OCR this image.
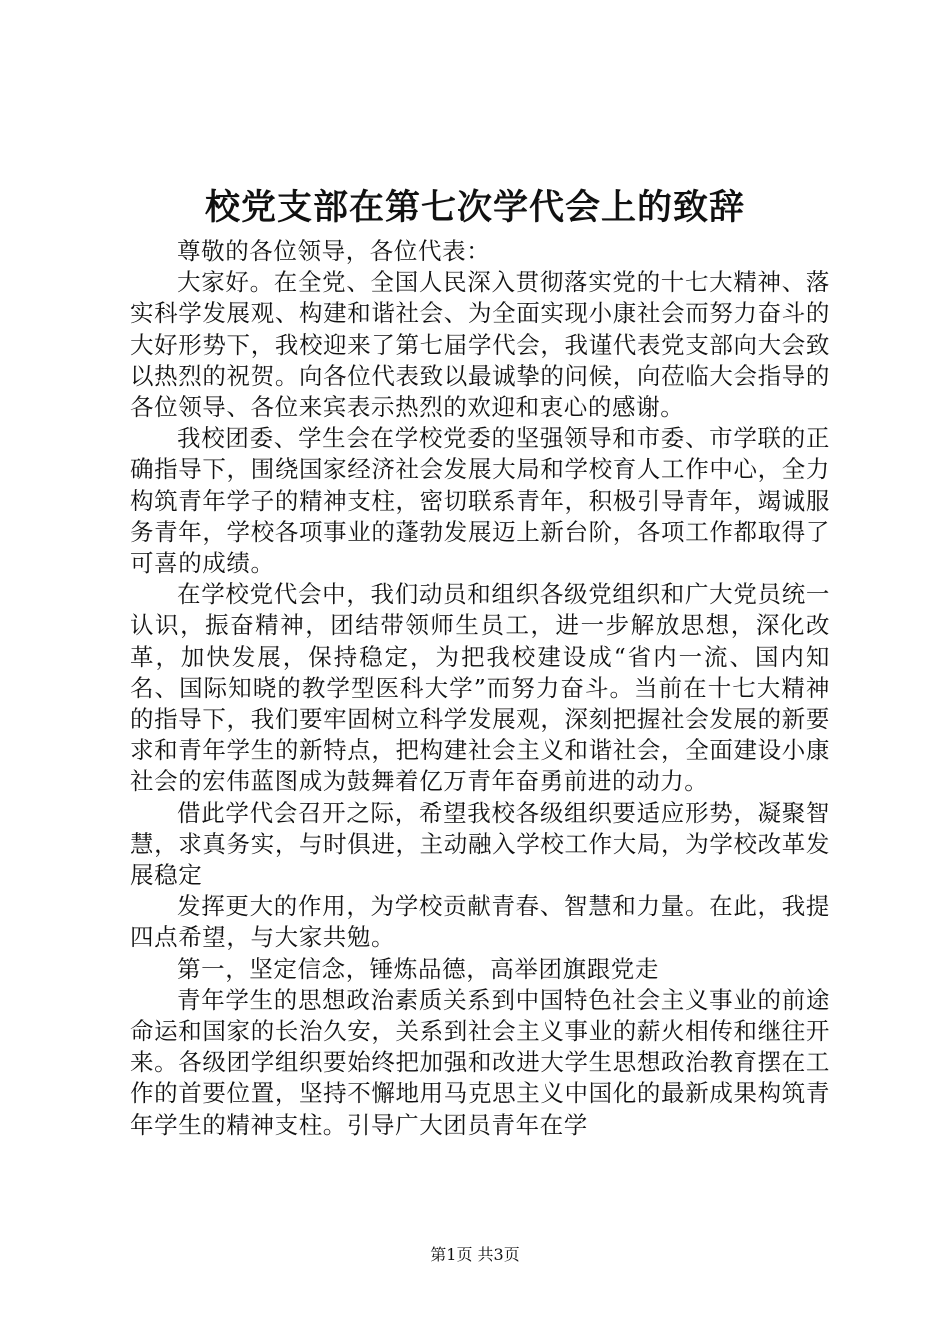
校党支部在第七次学代会上的致辞

尊敬的各位领导，各位代表：

大家好。在全党、全国人民深入贯彻落实党的十七大精神、落实科学发展观、构建和谐社会、为全面实现小康社会而努力奋斗的大好形势下，我校迎来了第七届学代会，我谨代表党支部向大会致以热烈的祝贺。向各位代表致以最诚挚的问候，向莅临大会指导的各位领导、各位来宾表示热烈的欢迎和衷心的感谢。

我校团委、学生会在学校党委的坚强领导和市委、市学联的正确指导下，围绕国家经济社会发展大局和学校育人工作中心，全力构筑青年学子的精神支柱，密切联系青年，积极引导青年，竭诚服务青年，学校各项事业的蓬勃发展迈上新台阶，各项工作都取得了可喜的成绩。

在学校党代会中，我们动员和组织各级党组织和广大党员统一认识，振奋精神，团结带领师生员工，进一步解放思想，深化改革，加快发展，保持稳定，为把我校建设成“省内一流、国内知名、国际知晓的教学型医科大学”而努力奋斗。当前在十七大精神的指导下，我们要牢固树立科学发展观，深刻把握社会发展的新要求和青年学生的新特点，把构建社会主义和谐社会，全面建设小康社会的宏伟蓝图成为鼓舞着亿万青年奋勇前进的动力。

借此学代会召开之际，希望我校各级组织要适应形势，凝聚智慧，求真务实，与时俱进，主动融入学校工作大局，为学校改革发展稳定

发挥更大的作用，为学校贡献青春、智慧和力量。在此，我提四点希望，与大家共勉。

第一，坚定信念，锤炼品德，高举团旗跟党走

青年学生的思想政治素质关系到中国特色社会主义事业的前途命运和国家的长治久安，关系到社会主义事业的薪火相传和继往开来。各级团学组织要始终把加强和改进大学生思想政治教育摆在工作的首要位置，坚持不懈地用马克思主义中国化的最新成果构筑青年学生的精神支柱。引导广大团员青年在学

第1页 共3页
